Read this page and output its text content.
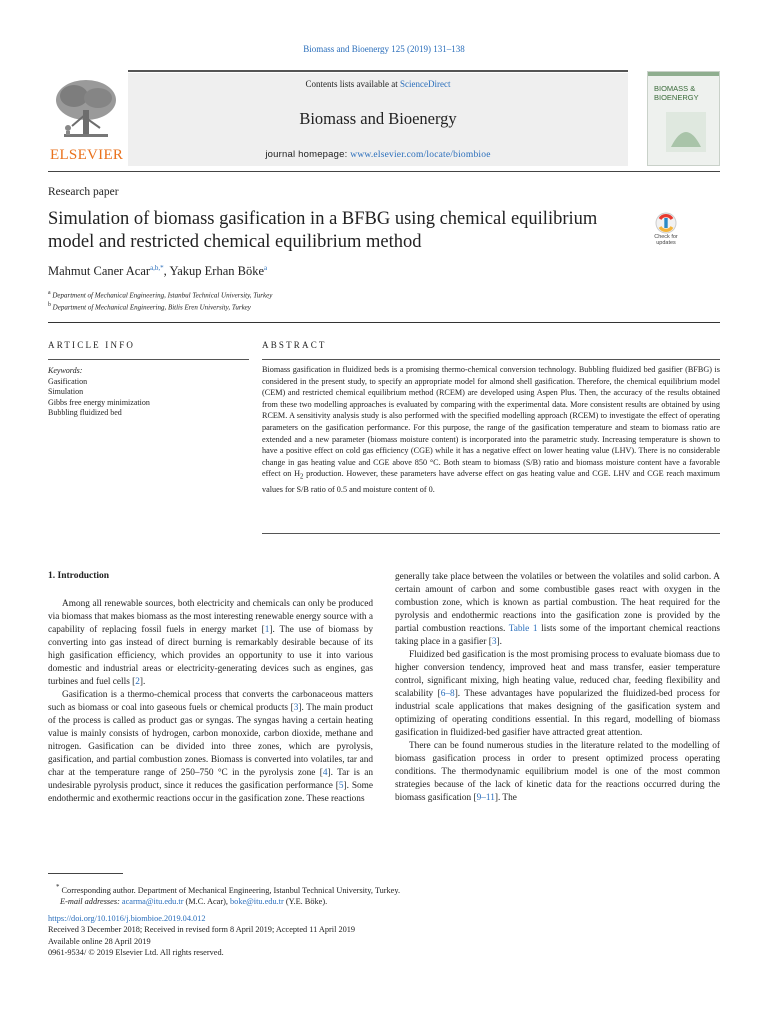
Biomass and Bioenergy 125 (2019) 131–138
Contents lists available at ScienceDirect
Biomass and Bioenergy
journal homepage: www.elsevier.com/locate/biombioe
ELSEVIER
BIOMASS &
BIOENERGY
Research paper
Simulation of biomass gasification in a BFBG using chemical equilibrium model and restricted chemical equilibrium method	Check for
updates
Mahmut Caner Acar$^{a,b,*}$, Yakup Erhan Böke$^a$
$^a$ Department of Mechanical Engineering, Istanbul Technical University, Turkey
$^b$ Department of Mechanical Engineering, Bitlis Eren University, Turkey
ARTICLE INFO	ABSTRACT
Keywords:
Gasification
Simulation
Gibbs free energy minimization
Bubbling fluidized bed

Biomass gasification in fluidized beds is a promising thermo-chemical conversion technology. Bubbling fluidized bed gasifier (BFBG) is considered in the present study, to specify an appropriate model for almond shell gasification. Therefore, the chemical equilibrium model (CEM) and restricted chemical equilibrium method (RCEM) are developed using Aspen Plus. Then, the accuracy of the results obtained from these two modelling approaches is evaluated by comparing with the experimental data. More consistent results are obtained by using RCEM. A sensitivity analysis study is also performed with the specified modelling approach (RCEM) to investigate the effect of operating parameters on the gasification performance. For this purpose, the range of the gasification temperature and steam to biomass ratio are extended and a new parameter (biomass moisture content) is incorporated into the parametric study. Increasing temperature is shown to have a positive effect on cold gas efficiency (CGE) while it has a negative effect on lower heating value (LHV). There is no considerable change in gas heating value and CGE above 850 °C. Both steam to biomass (S/B) ratio and biomass moisture content have a favorable effect on $H_2$ production. However, these parameters have adverse effect on gas heating value and CGE. LHV and CGE reach maximum values for S/B ratio of 0.5 and moisture content of 0.

1. Introduction

Among all renewable sources, both electricity and chemicals can only be produced via biomass that makes biomass as the most interesting renewable energy source with a capability of replacing fossil fuels in energy market [1]. The use of biomass by converting into gas instead of direct burning is remarkably desirable because of its high gasification efficiency, which provides an opportunity to use it into various domestic and industrial areas or electricity-generating devices such as engines, gas turbines and fuel cells [2].

Gasification is a thermo-chemical process that converts the carbonaceous matters such as biomass or coal into gaseous fuels or chemical products [3]. The main product of the process is called as product gas or syngas. The syngas having a certain heating value is mainly consists of hydrogen, carbon monoxide, carbon dioxide, methane and nitrogen. Gasification can be divided into three zones, which are pyrolysis, gasification, and partial combustion zones. Biomass is converted into volatiles, tar and char at the temperature range of 250–750 °C in the pyrolysis zone [4]. Tar is an undesirable pyrolysis product, since it reduces the gasification performance [5]. Some endothermic and exothermic reactions occur in the gasification zone. These reactions

generally take place between the volatiles or between the volatiles and solid carbon. A certain amount of carbon and some combustible gases react with oxygen in the combustion zone, which is known as partial combustion. The heat required for the pyrolysis and endothermic reactions into the gasification zone is provided by the partial combustion reactions. Table 1 lists some of the important chemical reactions taking place in a gasifier [3].

Fluidized bed gasification is the most promising process to evaluate biomass due to higher conversion tendency, improved heat and mass transfer, easier temperature control, significant mixing, high heating value, reduced char, feeding flexibility and scalability [6–8]. These advantages have popularized the fluidized-bed process for industrial scale applications that makes designing of the gasification system and optimizing of operating conditions essential. In this regard, modelling of biomass gasification in fluidized-bed gasifier have attracted great attention.

There can be found numerous studies in the literature related to the modelling of biomass gasification process in order to present optimized process operating conditions. The thermodynamic equilibrium model is one of the most common strategies because of the lack of kinetic data for the reactions occurred during the biomass gasification [9–11]. The

* Corresponding author. Department of Mechanical Engineering, Istanbul Technical University, Turkey.

E-mail addresses: acarma@itu.edu.tr (M.C. Acar), boke@itu.edu.tr (Y.E. Böke).

https://doi.org/10.1016/j.biombioe.2019.04.012

Received 3 December 2018; Received in revised form 8 April 2019; Accepted 11 April 2019

Available online 28 April 2019

0961-9534/ © 2019 Elsevier Ltd. All rights reserved.
